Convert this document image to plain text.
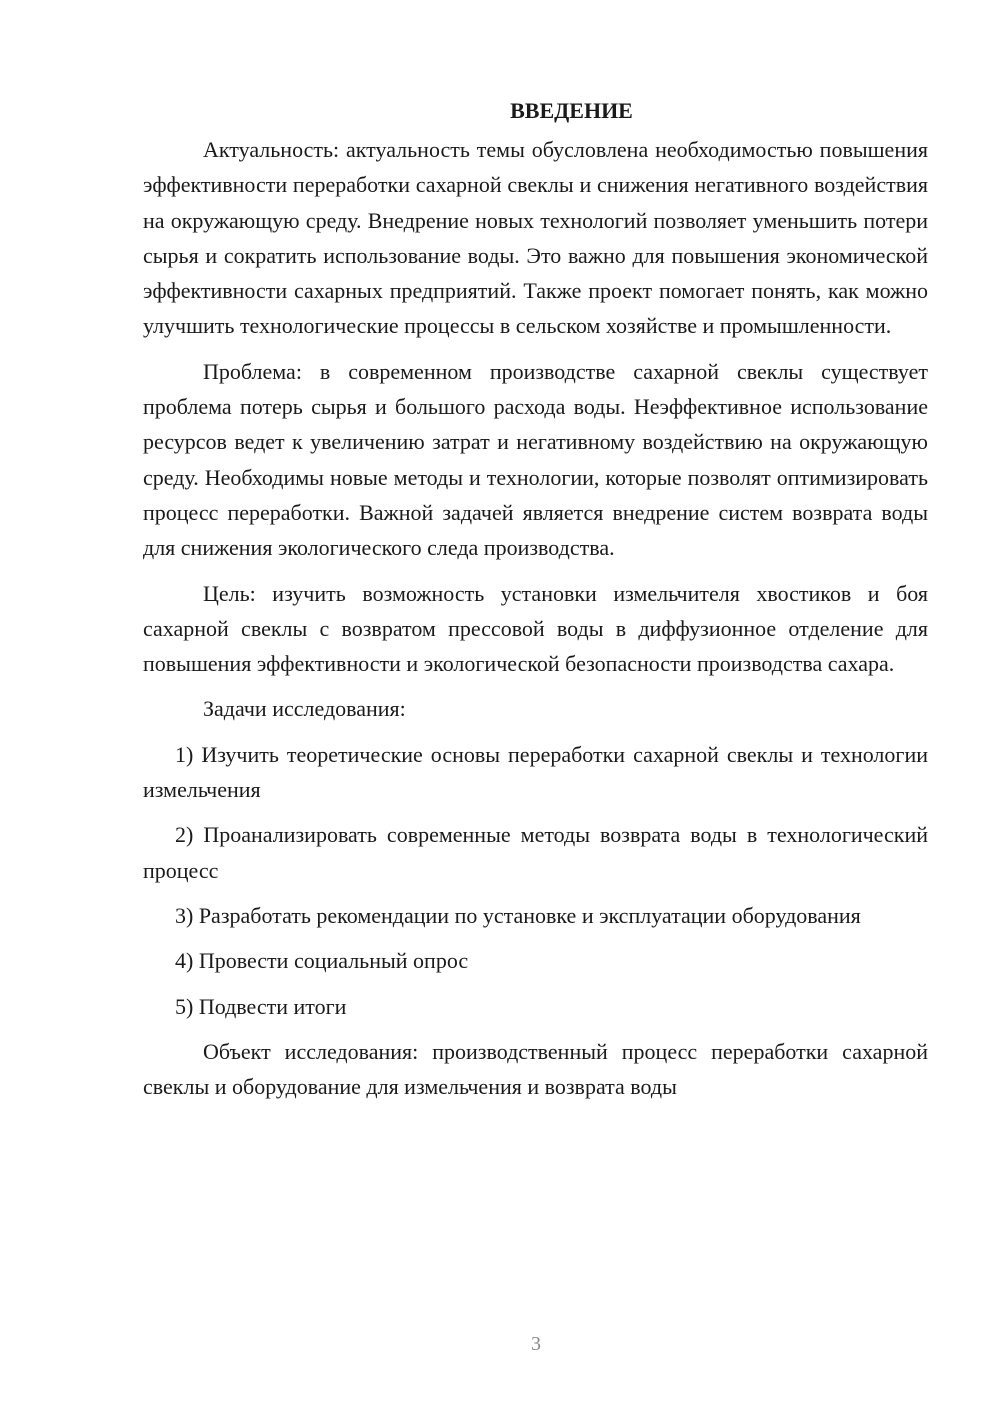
ВВЕДЕНИЕ

Актуальность: актуальность темы обусловлена необходимостью повышения эффективности переработки сахарной свеклы и снижения негативного воздействия на окружающую среду. Внедрение новых технологий позволяет уменьшить потери сырья и сократить использование воды. Это важно для повышения экономической эффективности сахарных предприятий. Также проект помогает понять, как можно улучшить технологические процессы в сельском хозяйстве и промышленности.

Проблема: в современном производстве сахарной свеклы существует проблема потерь сырья и большого расхода воды. Неэффективное использование ресурсов ведет к увеличению затрат и негативному воздействию на окружающую среду. Необходимы новые методы и технологии, которые позволят оптимизировать процесс переработки. Важной задачей является внедрение систем возврата воды для снижения экологического следа производства.

Цель: изучить возможность установки измельчителя хвостиков и боя сахарной свеклы с возвратом прессовой воды в диффузионное отделение для повышения эффективности и экологической безопасности производства сахара.

Задачи исследования:

1) Изучить теоретические основы переработки сахарной свеклы и технологии измельчения

2) Проанализировать современные методы возврата воды в технологический процесс

3) Разработать рекомендации по установке и эксплуатации оборудования

4) Провести социальный опрос

5) Подвести итоги

Объект исследования: производственный процесс переработки сахарной свеклы и оборудование для измельчения и возврата воды

3
